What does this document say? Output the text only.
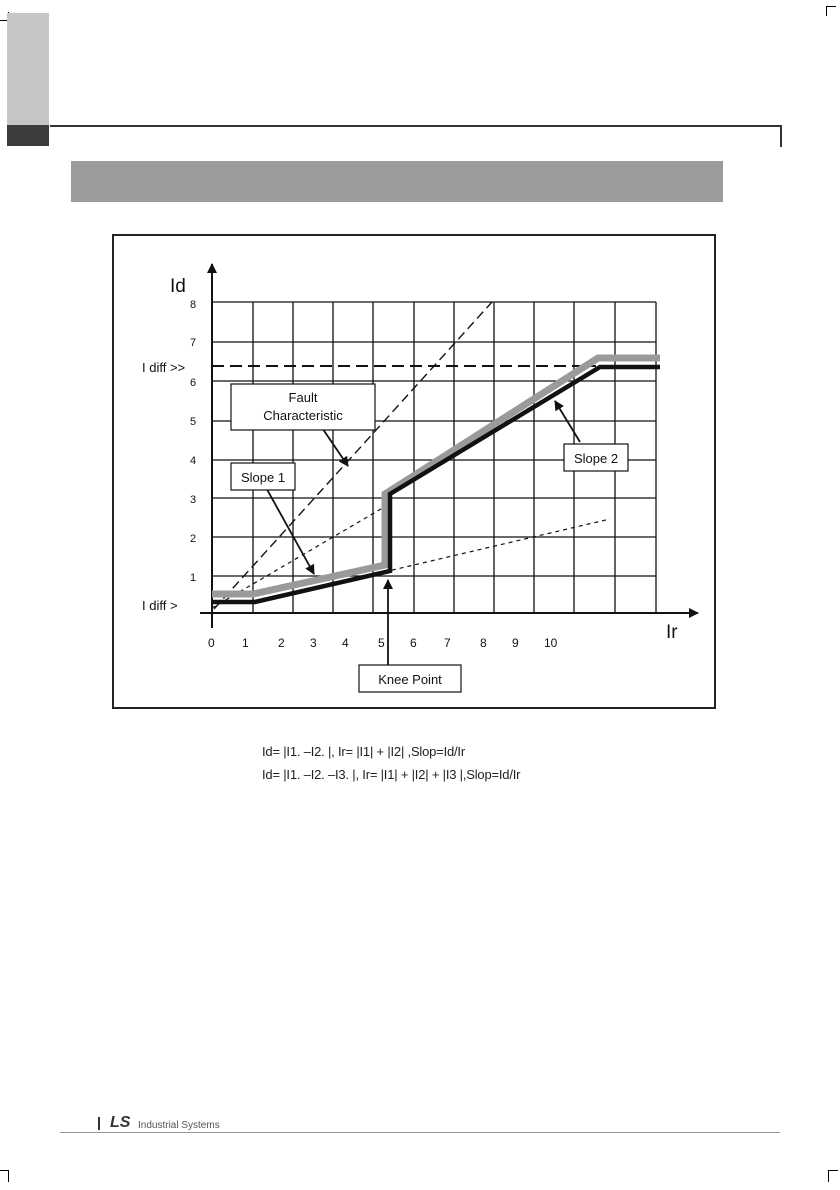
Id
Ir
1
2
3
4
5
6
7
8
0 1 2 3 4 5 6 7 8 9 10
I diff >>
I diff >
Fault
Characteristic
Slope 1
Slope 2
Knee Point
Id= |I1. –I2. |, Ir= |I1| + |I2| ,Slop=Id/Ir
Id= |I1. –I2. –I3. |, Ir= |I1| + |I2| + |I3 |,Slop=Id/Ir
LS Industrial Systems
